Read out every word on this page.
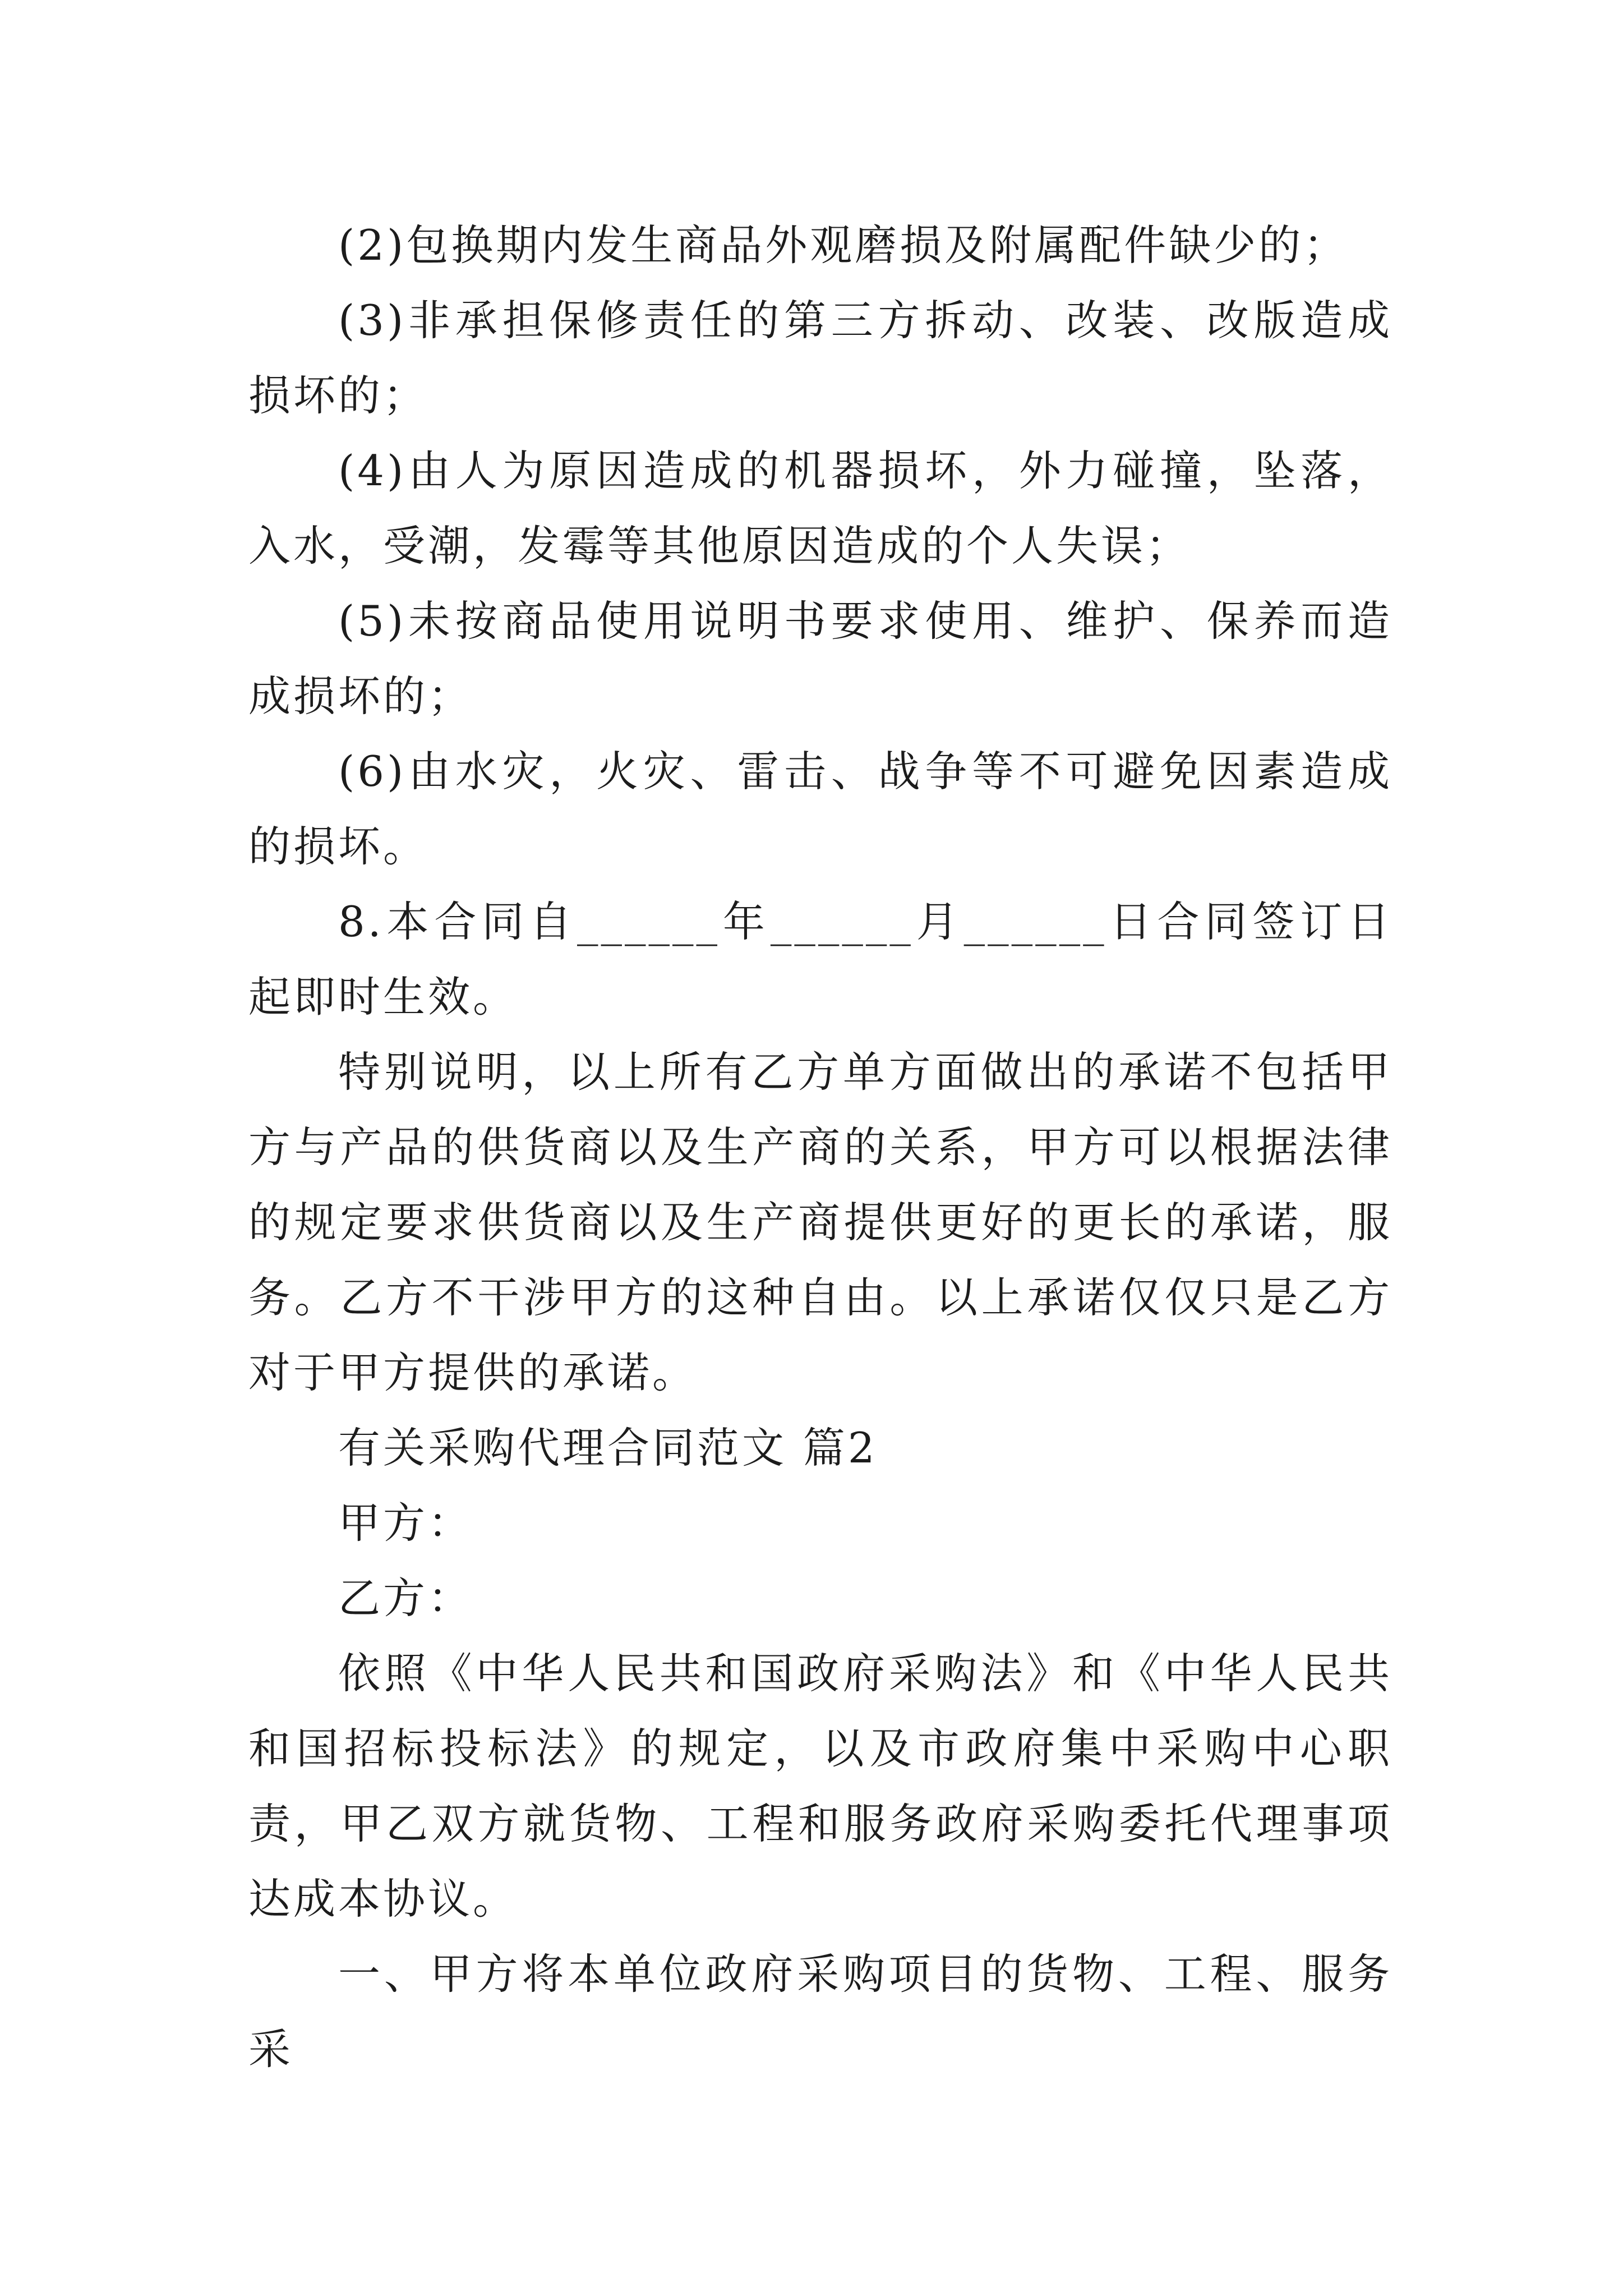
(2)包换期内发生商品外观磨损及附属配件缺少的；

(3)非承担保修责任的第三方拆动、改装、改版造成损坏的；

(4)由人为原因造成的机器损坏，外力碰撞，坠落，入水，受潮，发霉等其他原因造成的个人失误；

(5)未按商品使用说明书要求使用、维护、保养而造成损坏的；

(6)由水灾，火灾、雷击、战争等不可避免因素造成的损坏。

8.本合同自______年______月______日合同签订日起即时生效。

特别说明，以上所有乙方单方面做出的承诺不包括甲方与产品的供货商以及生产商的关系，甲方可以根据法律的规定要求供货商以及生产商提供更好的更长的承诺，服务。乙方不干涉甲方的这种自由。以上承诺仅仅只是乙方对于甲方提供的承诺。

有关采购代理合同范文 篇2

甲方：

乙方：

依照《中华人民共和国政府采购法》和《中华人民共和国招标投标法》的规定，以及市政府集中采购中心职责，甲乙双方就货物、工程和服务政府采购委托代理事项达成本协议。

一、甲方将本单位政府采购项目的货物、工程、服务采
